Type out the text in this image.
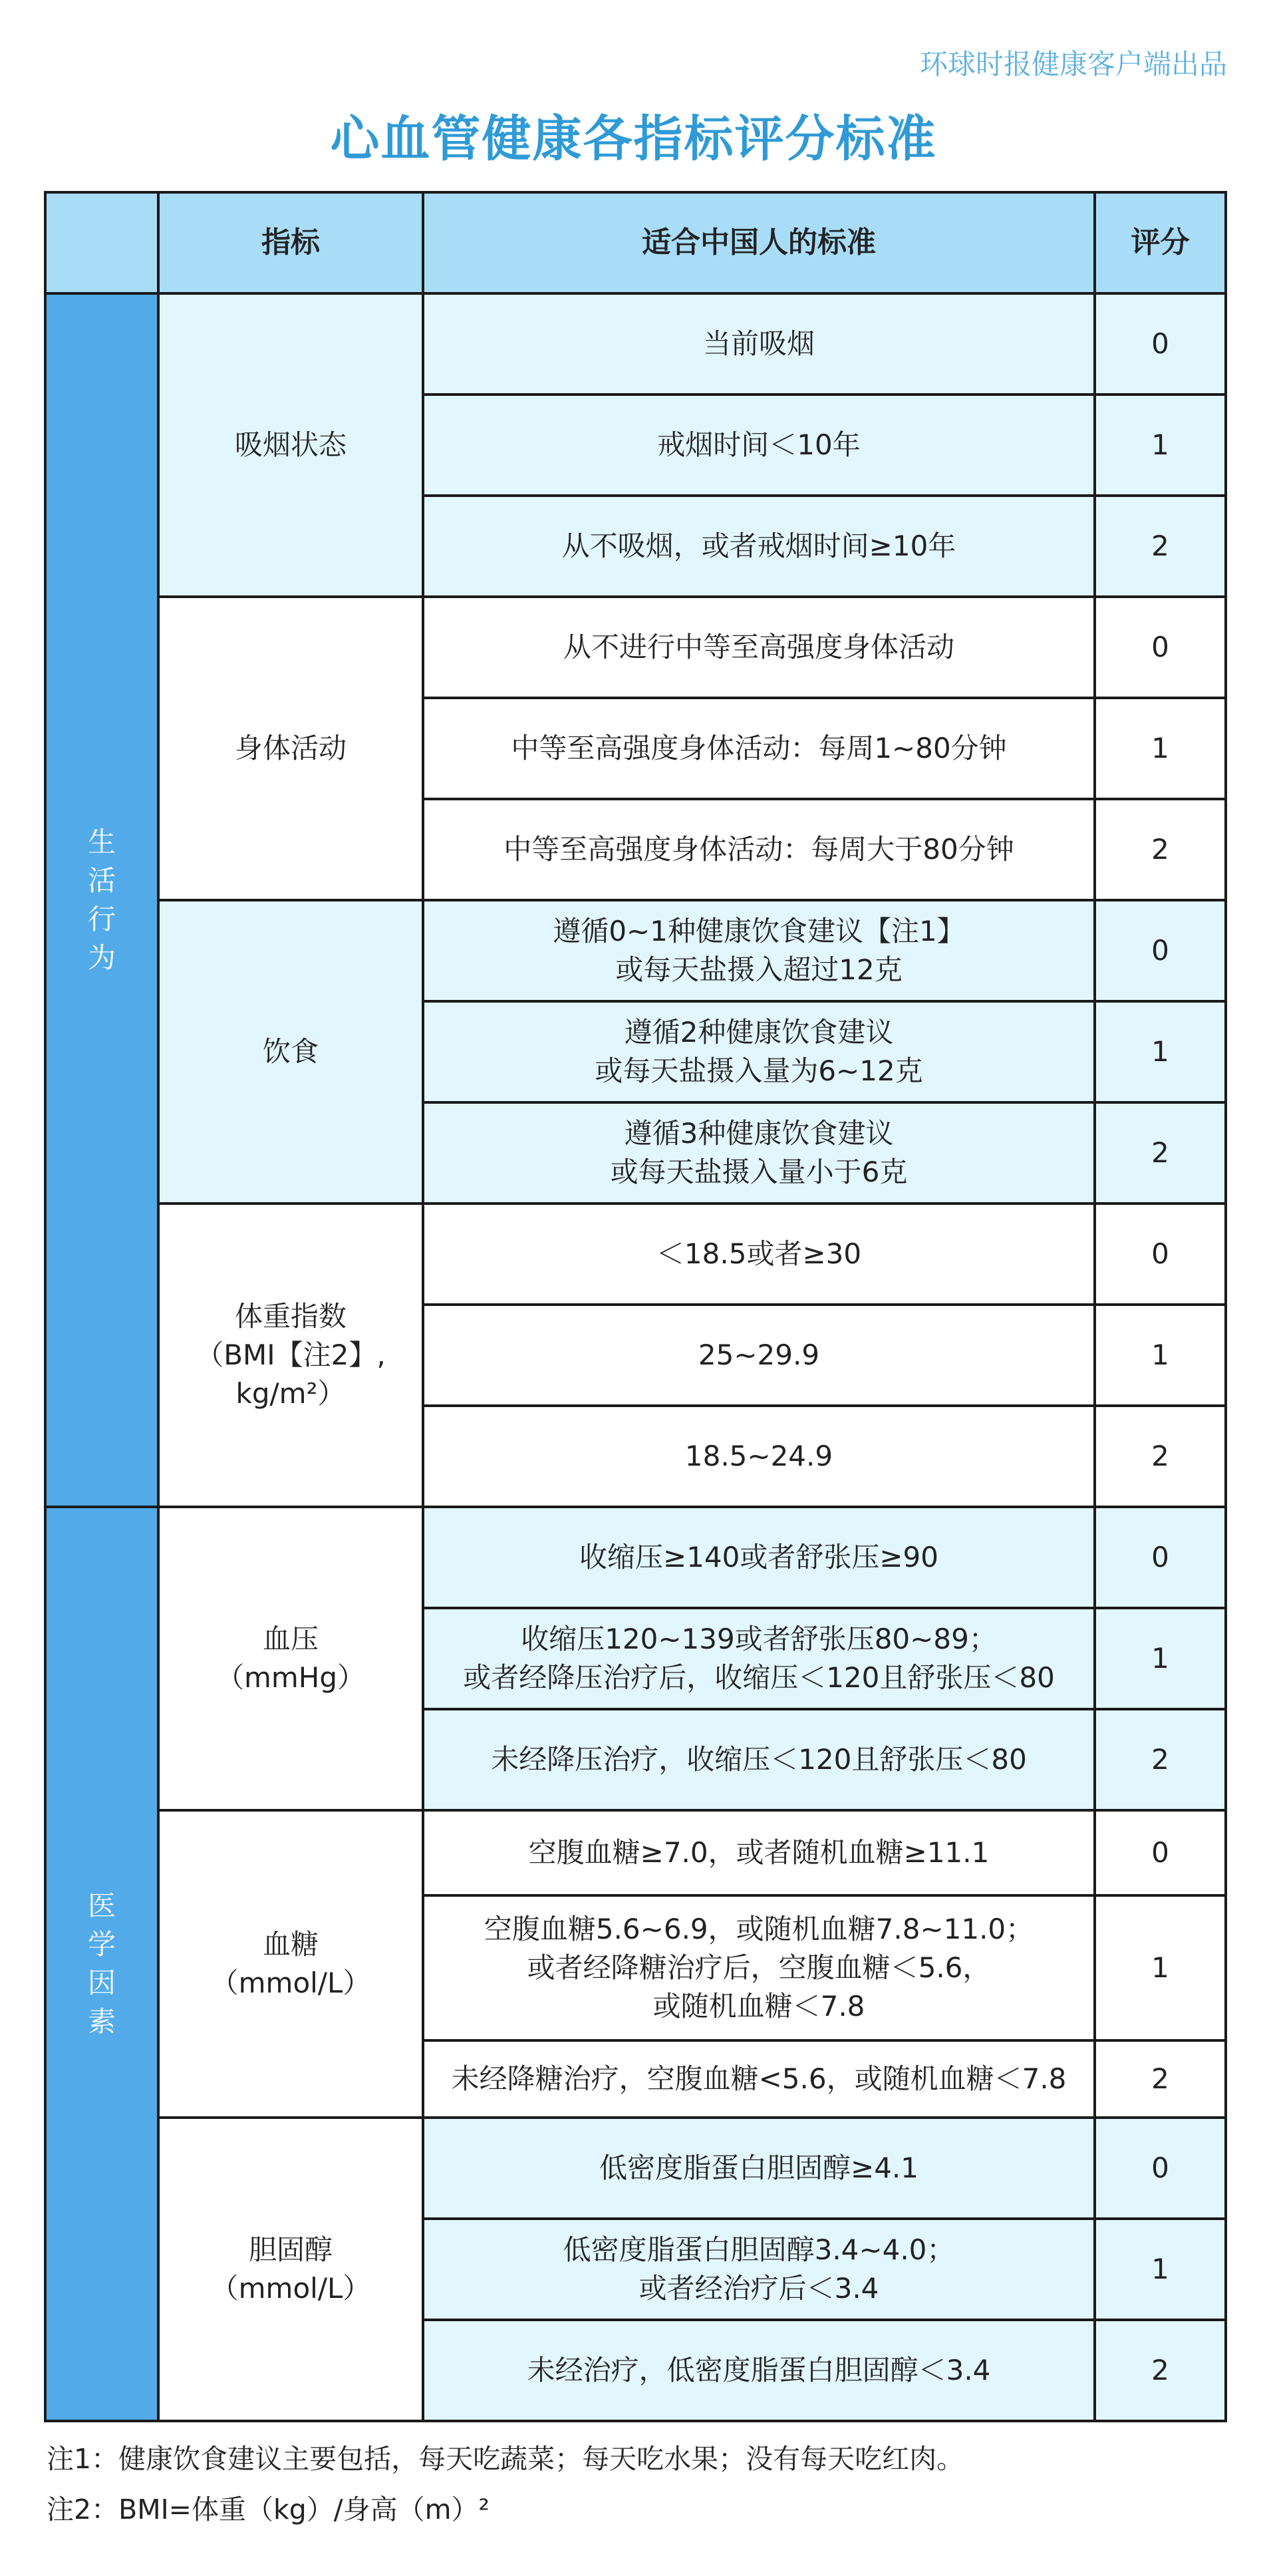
环球时报健康客户端出品
心血管健康各指标评分标准
	指标	适合中国人的标准	评分

生
活
行
为	吸烟状态	当前吸烟	0

		戒烟时间＜10年	1

		从不吸烟，或者戒烟时间≥10年	2

	身体活动	从不进行中等至高强度身体活动	0

		中等至高强度身体活动：每周1~80分钟	1

		中等至高强度身体活动：每周大于80分钟	2

	饮食	遵循0~1种健康饮食建议【注1】
或每天盐摄入超过12克	0

		遵循2种健康饮食建议
或每天盐摄入量为6~12克	1

		遵循3种健康饮食建议
或每天盐摄入量小于6克	2

	体重指数
（BMI【注2】,
kg/m²）	＜18.5或者≥30	0

		25~29.9	1

		18.5~24.9	2

医
学
因
素	血压
（mmHg）	收缩压≥140或者舒张压≥90	0

		收缩压120~139或者舒张压80~89；
或者经降压治疗后，收缩压＜120且舒张压＜80	1

		未经降压治疗，收缩压＜120且舒张压＜80	2

	血糖
（mmol/L）	空腹血糖≥7.0，或者随机血糖≥11.1	0

		空腹血糖5.6~6.9，或随机血糖7.8~11.0；
或者经降糖治疗后，空腹血糖＜5.6，
或随机血糖＜7.8	1

		未经降糖治疗，空腹血糖<5.6，或随机血糖＜7.8	2

	胆固醇
（mmol/L）	低密度脂蛋白胆固醇≥4.1	0

		低密度脂蛋白胆固醇3.4~4.0；
或者经治疗后＜3.4	1

		未经治疗，低密度脂蛋白胆固醇＜3.4	2
注1：健康饮食建议主要包括，每天吃蔬菜；每天吃水果；没有每天吃红肉。
注2：BMI=体重（kg）/身高（m）²
